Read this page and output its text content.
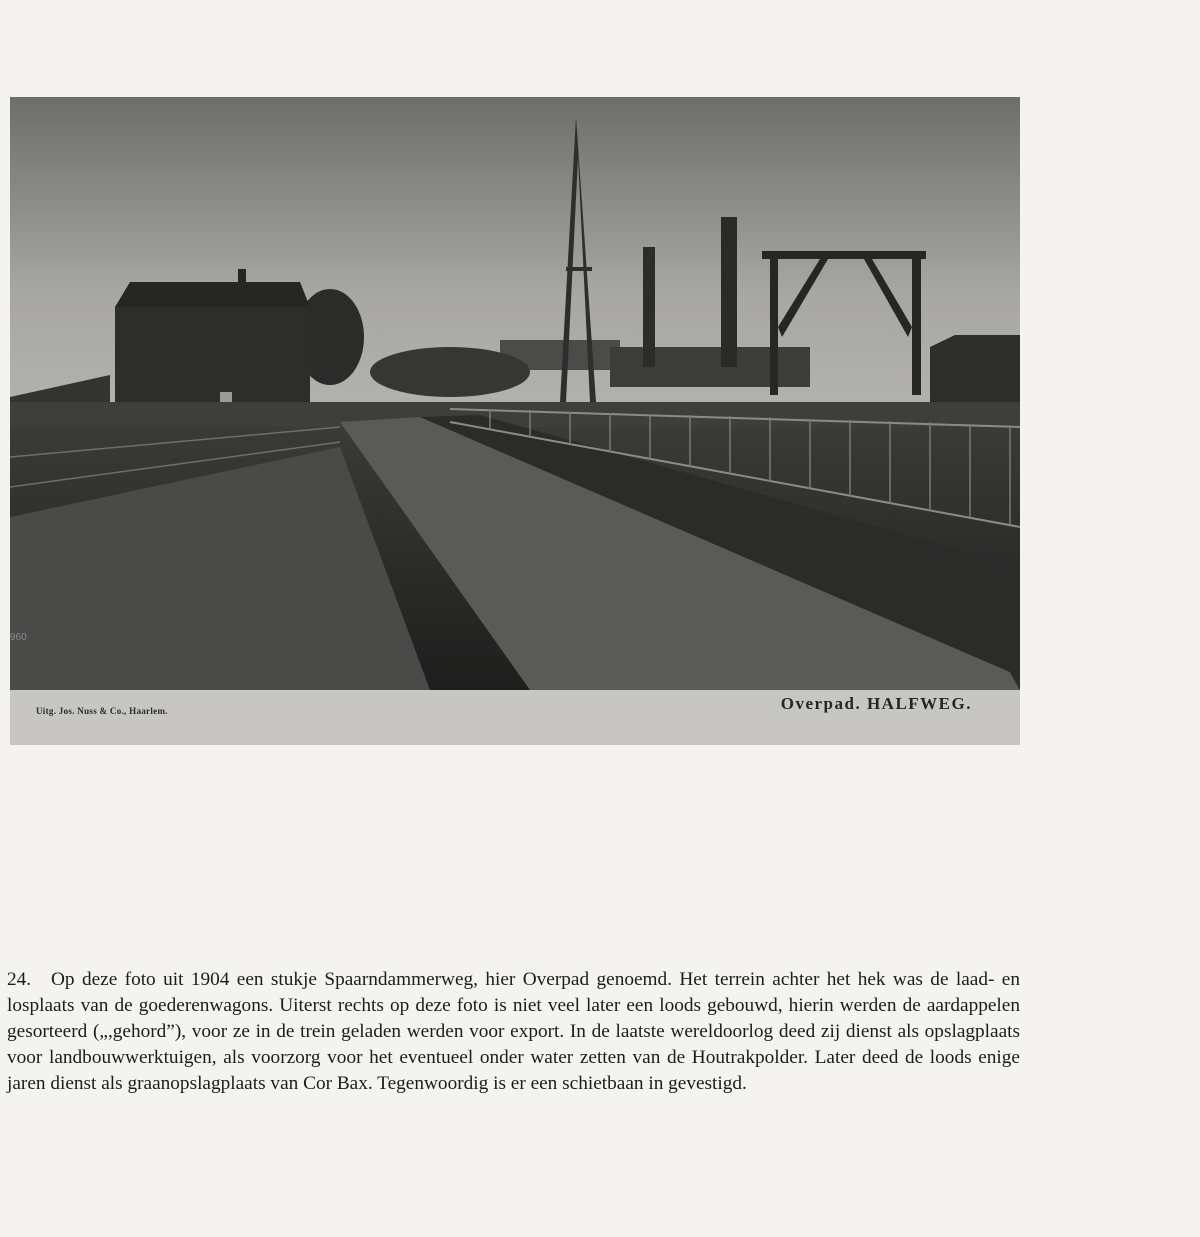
960
Uitg. Jos. Nuss & Co., Haarlem.	Overpad. HALFWEG.

24. Op deze foto uit 1904 een stukje Spaarndammerweg, hier Overpad genoemd. Het terrein achter het hek was de laad- en losplaats van de goederenwagons. Uiterst rechts op deze foto is niet veel later een loods gebouwd, hierin werden de aardappelen gesorteerd („,gehord”), voor ze in de trein geladen werden voor export. In de laatste wereldoorlog deed zij dienst als opslagplaats voor landbouwwerktuigen, als voorzorg voor het eventueel onder water zetten van de Houtrakpolder. Later deed de loods enige jaren dienst als graanopslagplaats van Cor Bax. Tegenwoordig is er een schietbaan in gevestigd.
